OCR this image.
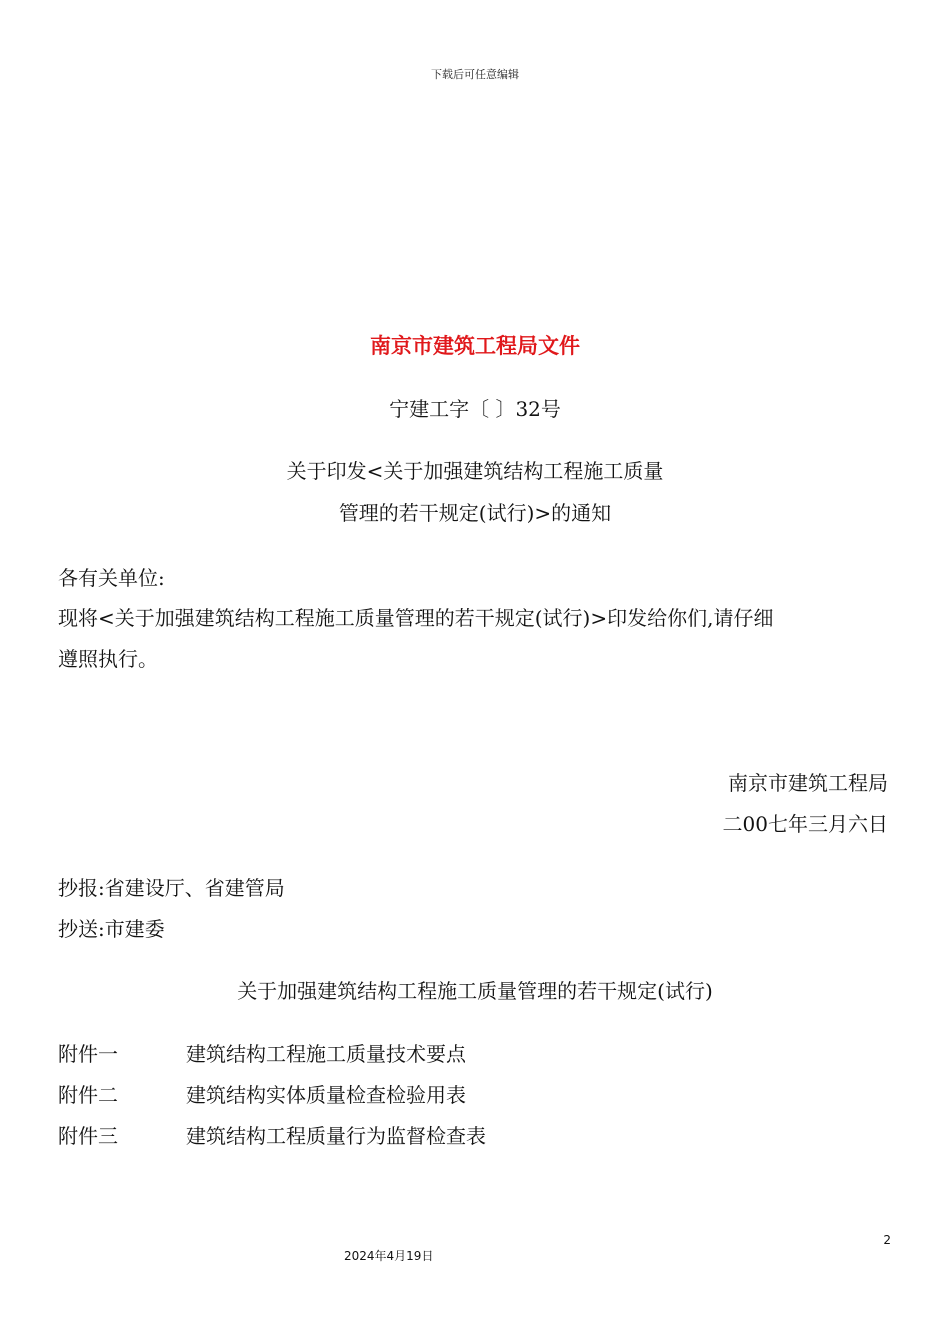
下载后可任意编辑
南京市建筑工程局文件
宁建工字〔 〕32号
关于印发<关于加强建筑结构工程施工质量
管理的若干规定(试行)>的通知
各有关单位:
现将<关于加强建筑结构工程施工质量管理的若干规定(试行)>印发给你们,请仔细
遵照执行。
南京市建筑工程局
二00七年三月六日
抄报:省建设厅、省建管局
抄送:市建委
关于加强建筑结构工程施工质量管理的若干规定(试行)
附件一	建筑结构工程施工质量技术要点
附件二	建筑结构实体质量检查检验用表
附件三	建筑结构工程质量行为监督检查表
2
2024年4月19日
